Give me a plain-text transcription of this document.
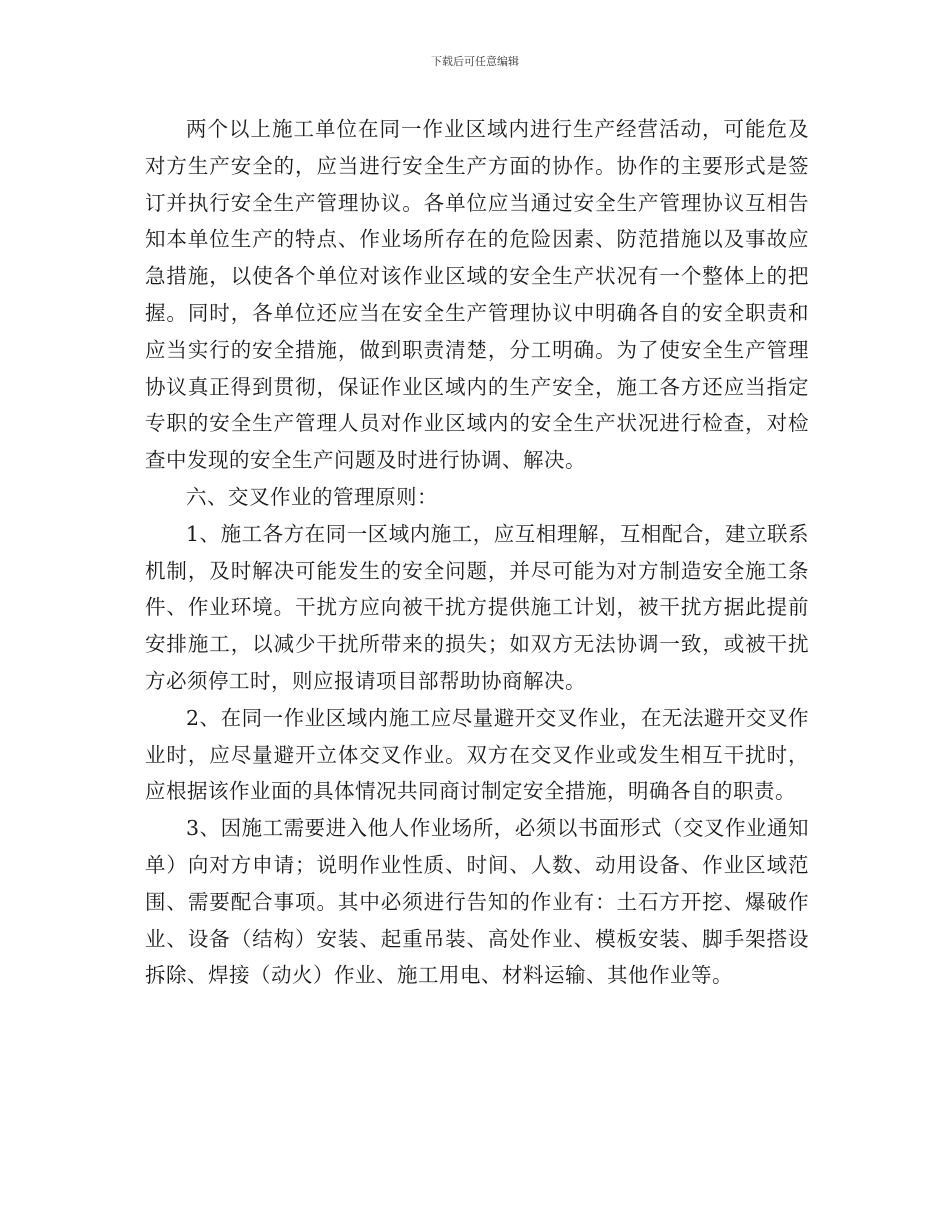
下载后可任意编辑

两个以上施工单位在同一作业区域内进行生产经营活动，可能危及对方生产安全的，应当进行安全生产方面的协作。协作的主要形式是签订并执行安全生产管理协议。各单位应当通过安全生产管理协议互相告知本单位生产的特点、作业场所存在的危险因素、防范措施以及事故应急措施，以使各个单位对该作业区域的安全生产状况有一个整体上的把握。同时，各单位还应当在安全生产管理协议中明确各自的安全职责和应当实行的安全措施，做到职责清楚，分工明确。为了使安全生产管理协议真正得到贯彻，保证作业区域内的生产安全，施工各方还应当指定专职的安全生产管理人员对作业区域内的安全生产状况进行检查，对检查中发现的安全生产问题及时进行协调、解决。

六、交叉作业的管理原则：

1、施工各方在同一区域内施工，应互相理解，互相配合，建立联系机制，及时解决可能发生的安全问题，并尽可能为对方制造安全施工条件、作业环境。干扰方应向被干扰方提供施工计划，被干扰方据此提前安排施工，以减少干扰所带来的损失；如双方无法协调一致，或被干扰方必须停工时，则应报请项目部帮助协商解决。

2、在同一作业区域内施工应尽量避开交叉作业，在无法避开交叉作业时，应尽量避开立体交叉作业。双方在交叉作业或发生相互干扰时，应根据该作业面的具体情况共同商讨制定安全措施，明确各自的职责。

3、因施工需要进入他人作业场所，必须以书面形式（交叉作业通知单）向对方申请；说明作业性质、时间、人数、动用设备、作业区域范围、需要配合事项。其中必须进行告知的作业有：土石方开挖、爆破作业、设备（结构）安装、起重吊装、高处作业、模板安装、脚手架搭设拆除、焊接（动火）作业、施工用电、材料运输、其他作业等。
